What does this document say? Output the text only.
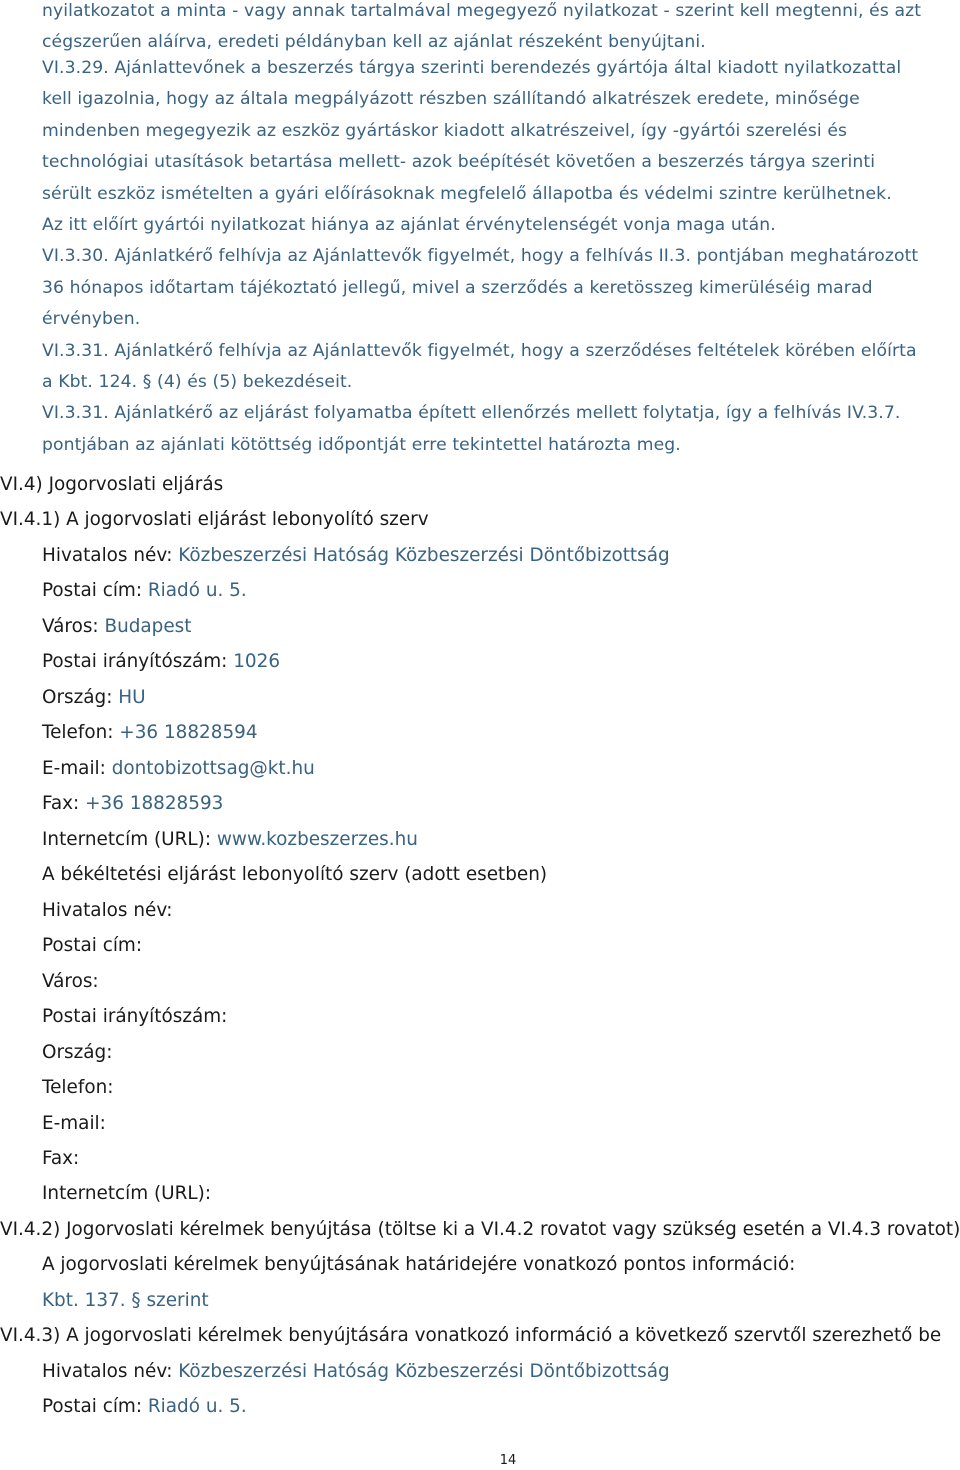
nyilatkozatot a minta - vagy annak tartalmával megegyező nyilatkozat - szerint kell megtenni, és azt
cégszerűen aláírva, eredeti példányban kell az ajánlat részeként benyújtani.
VI.3.29. Ajánlattevőnek a beszerzés tárgya szerinti berendezés gyártója által kiadott nyilatkozattal
kell igazolnia, hogy az általa megpályázott részben szállítandó alkatrészek eredete, minősége
mindenben megegyezik az eszköz gyártáskor kiadott alkatrészeivel, így -gyártói szerelési és
technológiai utasítások betartása mellett- azok beépítését követően a beszerzés tárgya szerinti
sérült eszköz ismételten a gyári előírásoknak megfelelő állapotba és védelmi szintre kerülhetnek.
Az itt előírt gyártói nyilatkozat hiánya az ajánlat érvénytelenségét vonja maga után.
VI.3.30. Ajánlatkérő felhívja az Ajánlattevők figyelmét, hogy a felhívás II.3. pontjában meghatározott
36 hónapos időtartam tájékoztató jellegű, mivel a szerződés a keretösszeg kimerüléséig marad
érvényben.
VI.3.31. Ajánlatkérő felhívja az Ajánlattevők figyelmét, hogy a szerződéses feltételek körében előírta
a Kbt. 124. § (4) és (5) bekezdéseit.
VI.3.31. Ajánlatkérő az eljárást folyamatba épített ellenőrzés mellett folytatja, így a felhívás IV.3.7.
pontjában az ajánlati kötöttség időpontját erre tekintettel határozta meg.
VI.4) Jogorvoslati eljárás
VI.4.1) A jogorvoslati eljárást lebonyolító szerv
Hivatalos név: Közbeszerzési Hatóság Közbeszerzési Döntőbizottság
Postai cím: Riadó u. 5.
Város: Budapest
Postai irányítószám: 1026
Ország: HU
Telefon: +36 18828594
E-mail: dontobizottsag@kt.hu
Fax: +36 18828593
Internetcím (URL): www.kozbeszerzes.hu
A békéltetési eljárást lebonyolító szerv (adott esetben)
Hivatalos név:
Postai cím:
Város:
Postai irányítószám:
Ország:
Telefon:
E-mail:
Fax:
Internetcím (URL):
VI.4.2) Jogorvoslati kérelmek benyújtása (töltse ki a VI.4.2 rovatot vagy szükség esetén a VI.4.3 rovatot)
A jogorvoslati kérelmek benyújtásának határidejére vonatkozó pontos információ:
Kbt. 137. § szerint
VI.4.3) A jogorvoslati kérelmek benyújtására vonatkozó információ a következő szervtől szerezhető be
Hivatalos név: Közbeszerzési Hatóság Közbeszerzési Döntőbizottság
Postai cím: Riadó u. 5.
14
